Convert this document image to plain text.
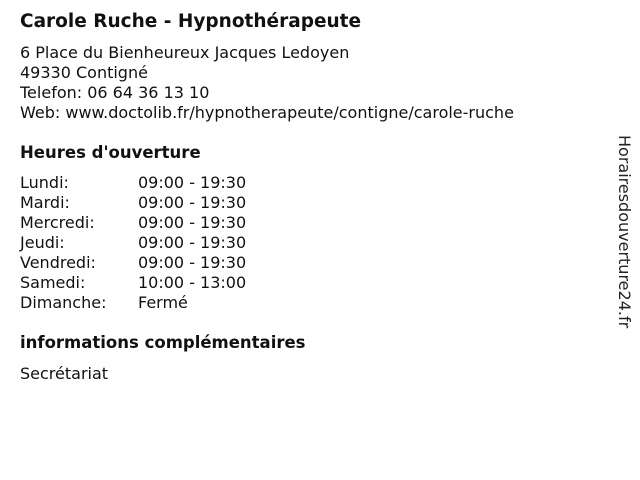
Carole Ruche - Hypnothérapeute
6 Place du Bienheureux Jacques Ledoyen
49330 Contigné
Telefon: 06 64 36 13 10
Web: www.doctolib.fr/hypnotherapeute/contigne/carole-ruche
Heures d'ouverture
Lundi:	09:00 - 19:30
Mardi:	09:00 - 19:30
Mercredi:	09:00 - 19:30
Jeudi:	09:00 - 19:30
Vendredi:	09:00 - 19:30
Samedi:	10:00 - 13:00
Dimanche: Fermé
informations complémentaires
Secrétariat
Horairesdouverture24.fr
